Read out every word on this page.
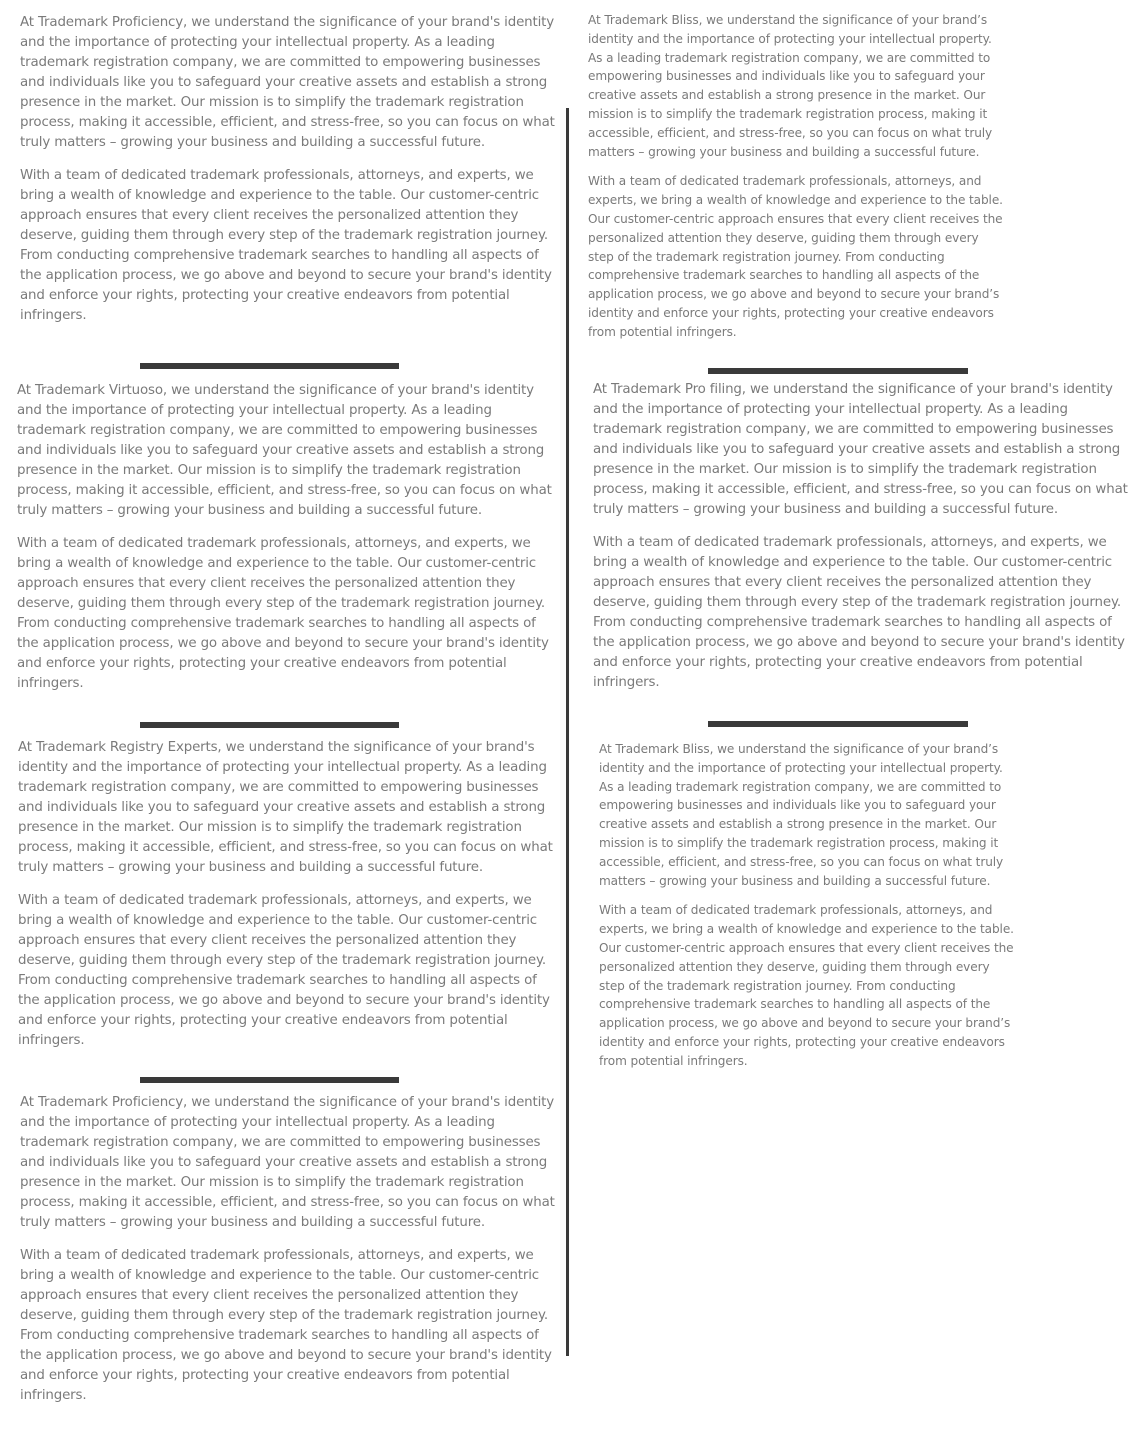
At Trademark Proficiency, we understand the significance of your brand's identity and the importance of protecting your intellectual property. As a leading trademark registration company, we are committed to empowering businesses and individuals like you to safeguard your creative assets and establish a strong presence in the market. Our mission is to simplify the trademark registration process, making it accessible, efficient, and stress-free, so you can focus on what truly matters – growing your business and building a successful future.

With a team of dedicated trademark professionals, attorneys, and experts, we bring a wealth of knowledge and experience to the table. Our customer-centric approach ensures that every client receives the personalized attention they deserve, guiding them through every step of the trademark registration journey. From conducting comprehensive trademark searches to handling all aspects of the application process, we go above and beyond to secure your brand's identity and enforce your rights, protecting your creative endeavors from potential infringers.

At Trademark Virtuoso, we understand the significance of your brand's identity and the importance of protecting your intellectual property. As a leading trademark registration company, we are committed to empowering businesses and individuals like you to safeguard your creative assets and establish a strong presence in the market. Our mission is to simplify the trademark registration process, making it accessible, efficient, and stress-free, so you can focus on what truly matters – growing your business and building a successful future.

With a team of dedicated trademark professionals, attorneys, and experts, we bring a wealth of knowledge and experience to the table. Our customer-centric approach ensures that every client receives the personalized attention they deserve, guiding them through every step of the trademark registration journey. From conducting comprehensive trademark searches to handling all aspects of the application process, we go above and beyond to secure your brand's identity and enforce your rights, protecting your creative endeavors from potential infringers.

At Trademark Registry Experts, we understand the significance of your brand's identity and the importance of protecting your intellectual property. As a leading trademark registration company, we are committed to empowering businesses and individuals like you to safeguard your creative assets and establish a strong presence in the market. Our mission is to simplify the trademark registration process, making it accessible, efficient, and stress-free, so you can focus on what truly matters – growing your business and building a successful future.

With a team of dedicated trademark professionals, attorneys, and experts, we bring a wealth of knowledge and experience to the table. Our customer-centric approach ensures that every client receives the personalized attention they deserve, guiding them through every step of the trademark registration journey. From conducting comprehensive trademark searches to handling all aspects of the application process, we go above and beyond to secure your brand's identity and enforce your rights, protecting your creative endeavors from potential infringers.

At Trademark Proficiency, we understand the significance of your brand's identity and the importance of protecting your intellectual property. As a leading trademark registration company, we are committed to empowering businesses and individuals like you to safeguard your creative assets and establish a strong presence in the market. Our mission is to simplify the trademark registration process, making it accessible, efficient, and stress-free, so you can focus on what truly matters – growing your business and building a successful future.

With a team of dedicated trademark professionals, attorneys, and experts, we bring a wealth of knowledge and experience to the table. Our customer-centric approach ensures that every client receives the personalized attention they deserve, guiding them through every step of the trademark registration journey. From conducting comprehensive trademark searches to handling all aspects of the application process, we go above and beyond to secure your brand's identity and enforce your rights, protecting your creative endeavors from potential infringers.

At Trademark Bliss, we understand the significance of your brand’s identity and the importance of protecting your intellectual property. As a leading trademark registration company, we are committed to empowering businesses and individuals like you to safeguard your creative assets and establish a strong presence in the market. Our mission is to simplify the trademark registration process, making it accessible, efficient, and stress-free, so you can focus on what truly matters – growing your business and building a successful future.

With a team of dedicated trademark professionals, attorneys, and experts, we bring a wealth of knowledge and experience to the table. Our customer-centric approach ensures that every client receives the personalized attention they deserve, guiding them through every step of the trademark registration journey. From conducting comprehensive trademark searches to handling all aspects of the application process, we go above and beyond to secure your brand’s identity and enforce your rights, protecting your creative endeavors from potential infringers.

At Trademark Pro filing, we understand the significance of your brand's identity and the importance of protecting your intellectual property. As a leading trademark registration company, we are committed to empowering businesses and individuals like you to safeguard your creative assets and establish a strong presence in the market. Our mission is to simplify the trademark registration process, making it accessible, efficient, and stress-free, so you can focus on what truly matters – growing your business and building a successful future.

With a team of dedicated trademark professionals, attorneys, and experts, we bring a wealth of knowledge and experience to the table. Our customer-centric approach ensures that every client receives the personalized attention they deserve, guiding them through every step of the trademark registration journey. From conducting comprehensive trademark searches to handling all aspects of the application process, we go above and beyond to secure your brand's identity and enforce your rights, protecting your creative endeavors from potential infringers.

At Trademark Bliss, we understand the significance of your brand’s identity and the importance of protecting your intellectual property. As a leading trademark registration company, we are committed to empowering businesses and individuals like you to safeguard your creative assets and establish a strong presence in the market. Our mission is to simplify the trademark registration process, making it accessible, efficient, and stress-free, so you can focus on what truly matters – growing your business and building a successful future.

With a team of dedicated trademark professionals, attorneys, and experts, we bring a wealth of knowledge and experience to the table. Our customer-centric approach ensures that every client receives the personalized attention they deserve, guiding them through every step of the trademark registration journey. From conducting comprehensive trademark searches to handling all aspects of the application process, we go above and beyond to secure your brand’s identity and enforce your rights, protecting your creative endeavors from potential infringers.
